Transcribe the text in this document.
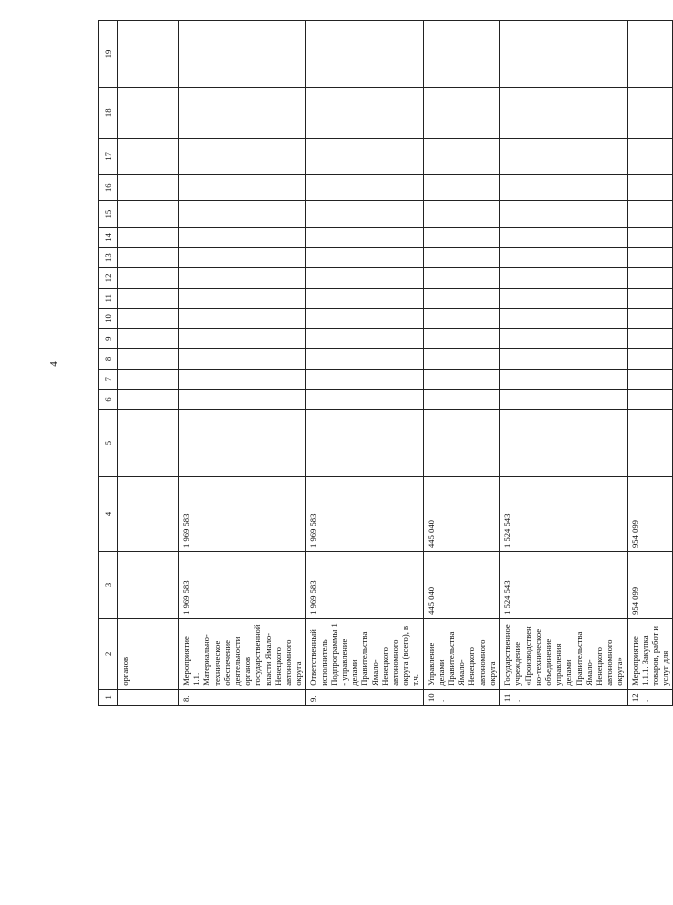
4
1	2	3	4	5	6	7	8	9	10	11	12	13	14	15	16	17	18	19
	органов																	
8.	Мероприятие 1.1. Материально-техническое обеспечение деятельности органов государственной власти Ямало-Ненецкого автономного округа	1 969 583	1 969 583															
9.	Ответственный исполнитель Подпрограммы 1 - управление делами Правительства Ямало-Ненецкого автономного округа (всего), в т.ч.	1 969 583	1 969 583															
10.	Управление делами Правительства Ямало-Ненецкого автономного округа	445 040	445 040															
11.	Государственное учреждение «Производственно-техническое объединение управления делами Правительства Ямало-Ненецкого автономного округа»	1 524 543	1 524 543															
12.	Мероприятие 1.1.1. Закупка товаров, работ и услуг для	954 099	954 099															
